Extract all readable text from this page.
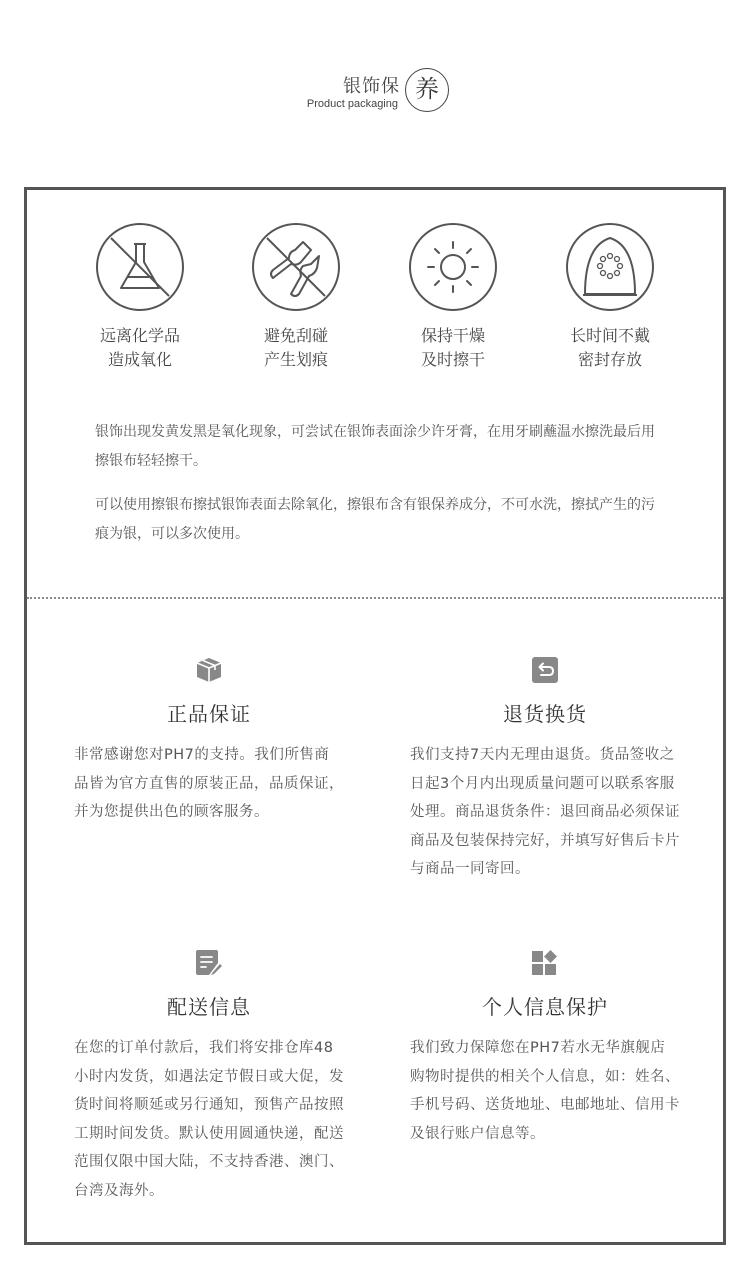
银饰保
Product packaging
养
远离化学品
造成氧化
避免刮碰
产生划痕
保持干燥
及时擦干
长时间不戴
密封存放
银饰出现发黄发黑是氧化现象，可尝试在银饰表面涂少许牙膏，在用牙刷蘸温水擦洗最后用擦银布轻轻擦干。
可以使用擦银布擦拭银饰表面去除氧化，擦银布含有银保养成分，不可水洗，擦拭产生的污痕为银，可以多次使用。
正品保证
非常感谢您对PH7的支持。我们所售商品皆为官方直售的原装正品，品质保证，并为您提供出色的顾客服务。
退货换货
我们支持7天内无理由退货。货品签收之日起3个月内出现质量问题可以联系客服处理。商品退货条件：退回商品必须保证商品及包装保持完好，并填写好售后卡片与商品一同寄回。
配送信息
在您的订单付款后，我们将安排仓库48小时内发货，如遇法定节假日或大促，发货时间将顺延或另行通知，预售产品按照工期时间发货。默认使用圆通快递，配送范围仅限中国大陆，不支持香港、澳门、台湾及海外。
个人信息保护
我们致力保障您在PH7若水无华旗舰店购物时提供的相关个人信息，如：姓名、手机号码、送货地址、电邮地址、信用卡及银行账户信息等。
